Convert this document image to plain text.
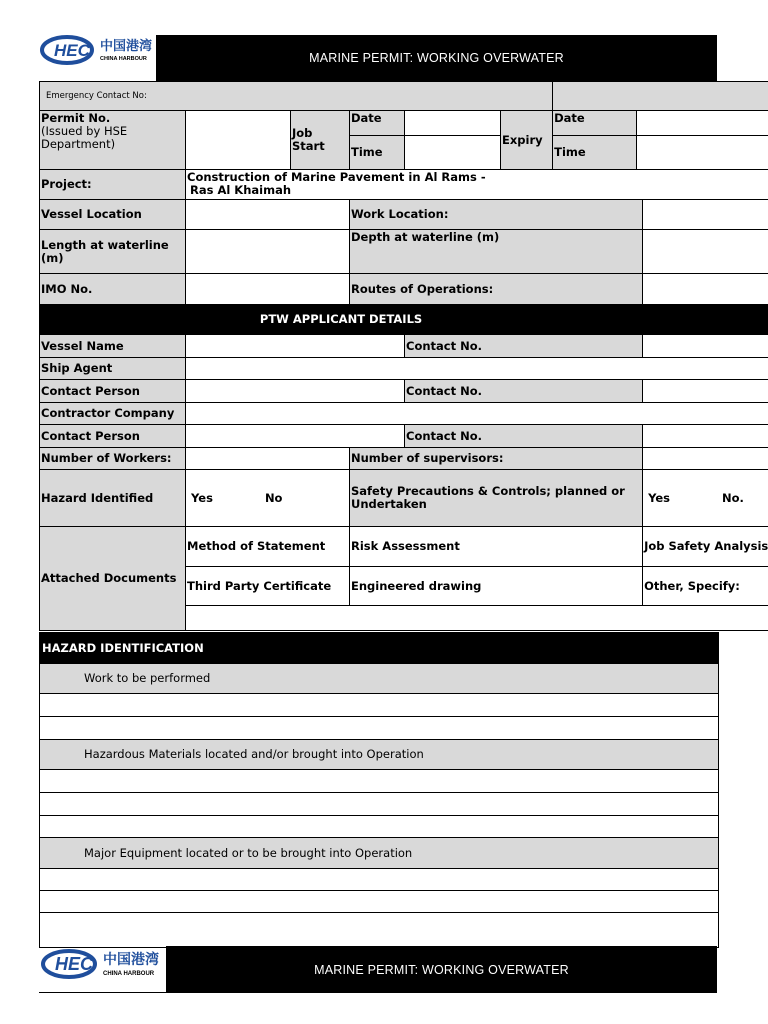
HEC 中国港湾
CHINA HARBOUR	MARINE PERMIT: WORKING OVERWATER
Emergency Contact No:								

Permit No.
(Issued by HSE Department)		Job Start	Date		Expiry	Date		
			Time			Time		
Project:	Construction of Marine Pavement in Al Rams -
Ras Al Khaimah							

Vessel Location			Work Location:					
Length at waterline (m)			Depth at waterline (m)					
IMO No.			Routes of Operations:					
PTW APPLICANT DETAILS								
Vessel Name				Contact No.				
Ship Agent								
Contact Person				Contact No.				
Contractor Company								
Contact Person				Contact No.				
Number of Workers:			Number of supervisors:					
Hazard Identified	Yes No		Safety Precautions & Controls; planned or Undertaken					Yes No.
Attached Documents	Method of Statement		Risk Assessment					Job Safety Analysis
	Third Party Certificate		Engineered drawing					Other, Specify:

HAZARD IDENTIFICATION
Work to be performed

Hazardous Materials located and/or brought into Operation

Major Equipment located or to be brought into Operation

HEC 中国港湾
CHINA HARBOUR	MARINE PERMIT: WORKING OVERWATER
